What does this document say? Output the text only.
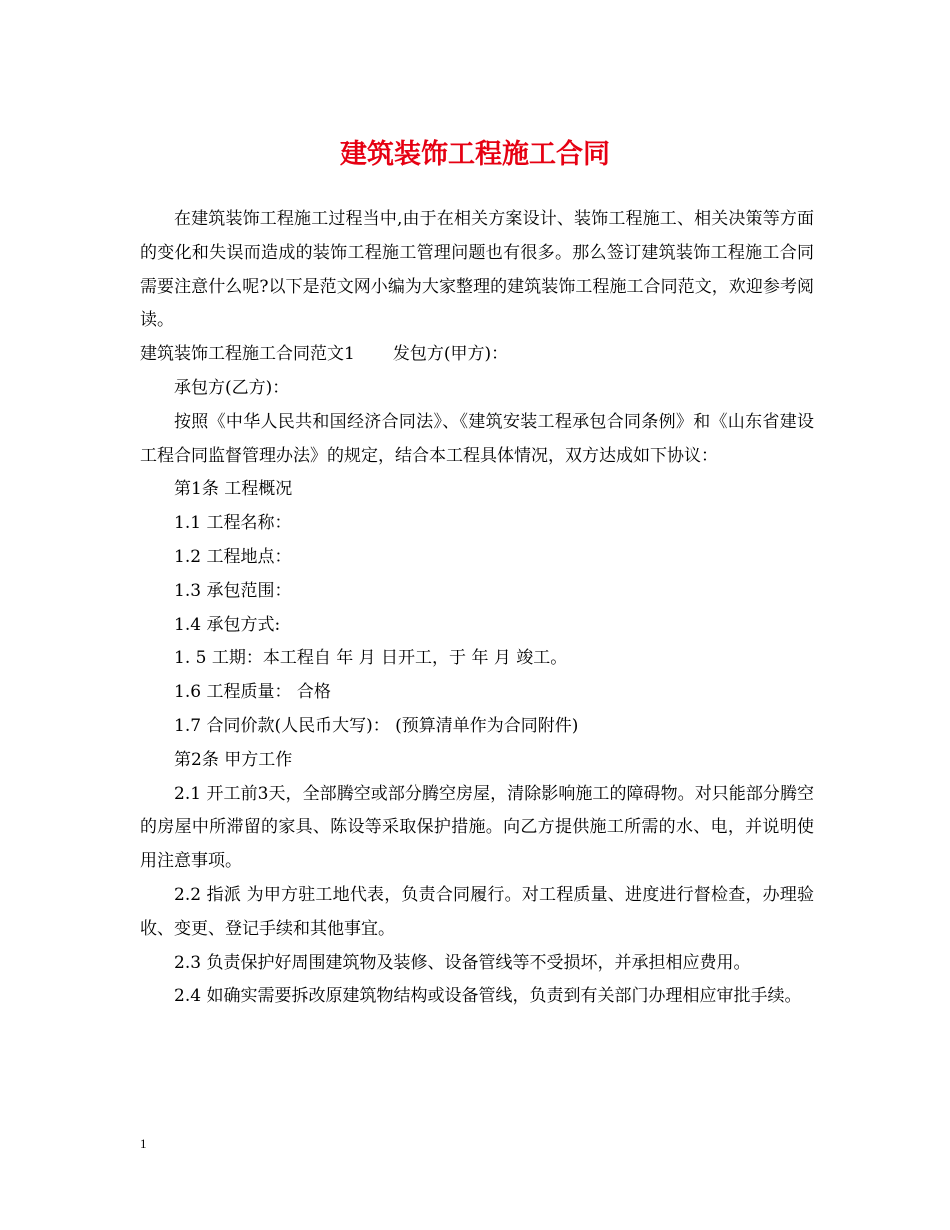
建筑装饰工程施工合同

在建筑装饰工程施工过程当中,由于在相关方案设计、装饰工程施工、相关决策等方面的变化和失误而造成的装饰工程施工管理问题也有很多。那么签订建筑装饰工程施工合同需要注意什么呢?以下是范文网小编为大家整理的建筑装饰工程施工合同范文，欢迎参考阅读。

建筑装饰工程施工合同范文1 发包方(甲方)：

承包方(乙方)：

按照《中华人民共和国经济合同法》、《建筑安装工程承包合同条例》和《山东省建设工程合同监督管理办法》的规定，结合本工程具体情况，双方达成如下协议：

第1条 工程概况

1.1 工程名称：

1.2 工程地点：

1.3 承包范围：

1.4 承包方式:

1. 5 工期：本工程自 年 月 日开工，于 年 月 竣工。

1.6 工程质量： 合格

1.7 合同价款(人民币大写)： (预算清单作为合同附件)

第2条 甲方工作

2.1 开工前3天，全部腾空或部分腾空房屋，清除影响施工的障碍物。对只能部分腾空的房屋中所滞留的家具、陈设等采取保护措施。向乙方提供施工所需的水、电，并说明使用注意事项。

2.2 指派 为甲方驻工地代表，负责合同履行。对工程质量、进度进行督检查，办理验收、变更、登记手续和其他事宜。

2.3 负责保护好周围建筑物及装修、设备管线等不受损坏，并承担相应费用。

2.4 如确实需要拆改原建筑物结构或设备管线，负责到有关部门办理相应审批手续。

1
